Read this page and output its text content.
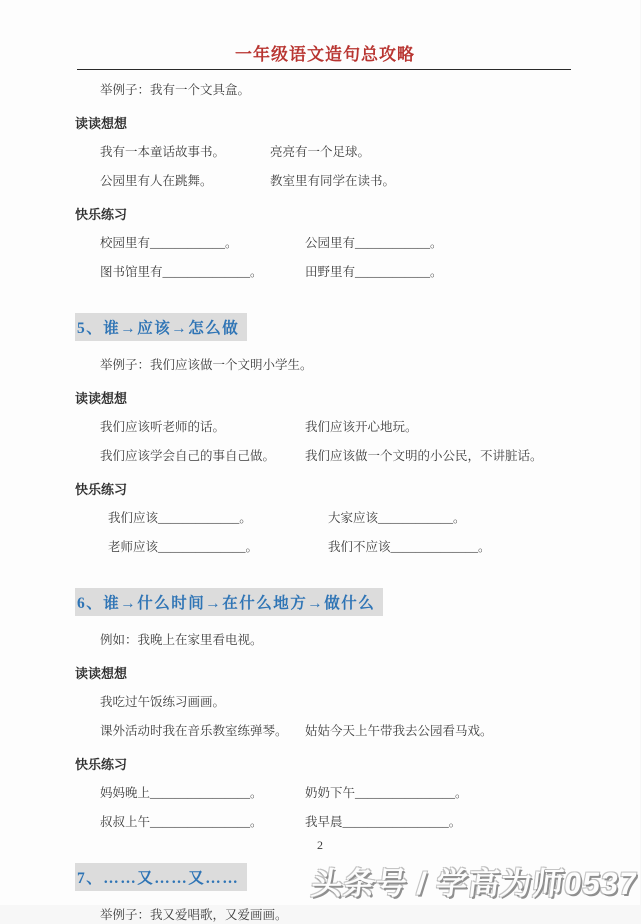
一年级语文造句总攻略
举例子：我有一个文具盒。
读读想想
我有一本童话故事书。	亮亮有一个足球。
公园里有人在跳舞。	教室里有同学在读书。
快乐练习
校园里有____________。	公园里有____________。
图书馆里有______________。	田野里有____________。
5、谁→应该→怎么做
举例子：我们应该做一个文明小学生。
读读想想
我们应该听老师的话。	我们应该开心地玩。
我们应该学会自己的事自己做。	我们应该做一个文明的小公民，不讲脏话。
快乐练习
我们应该_____________。	大家应该____________。
老师应该______________。	我们不应该______________。
6、谁→什么时间→在什么地方→做什么
例如：我晚上在家里看电视。
读读想想
我吃过午饭练习画画。
课外活动时我在音乐教室练弹琴。	姑姑今天上午带我去公园看马戏。
快乐练习
妈妈晚上________________。	奶奶下午________________。
叔叔上午________________。	我早晨_________________。
7、……又……又……
举例子：我又爱唱歌，又爱画画。
2
头条号 / 学高为师0537
